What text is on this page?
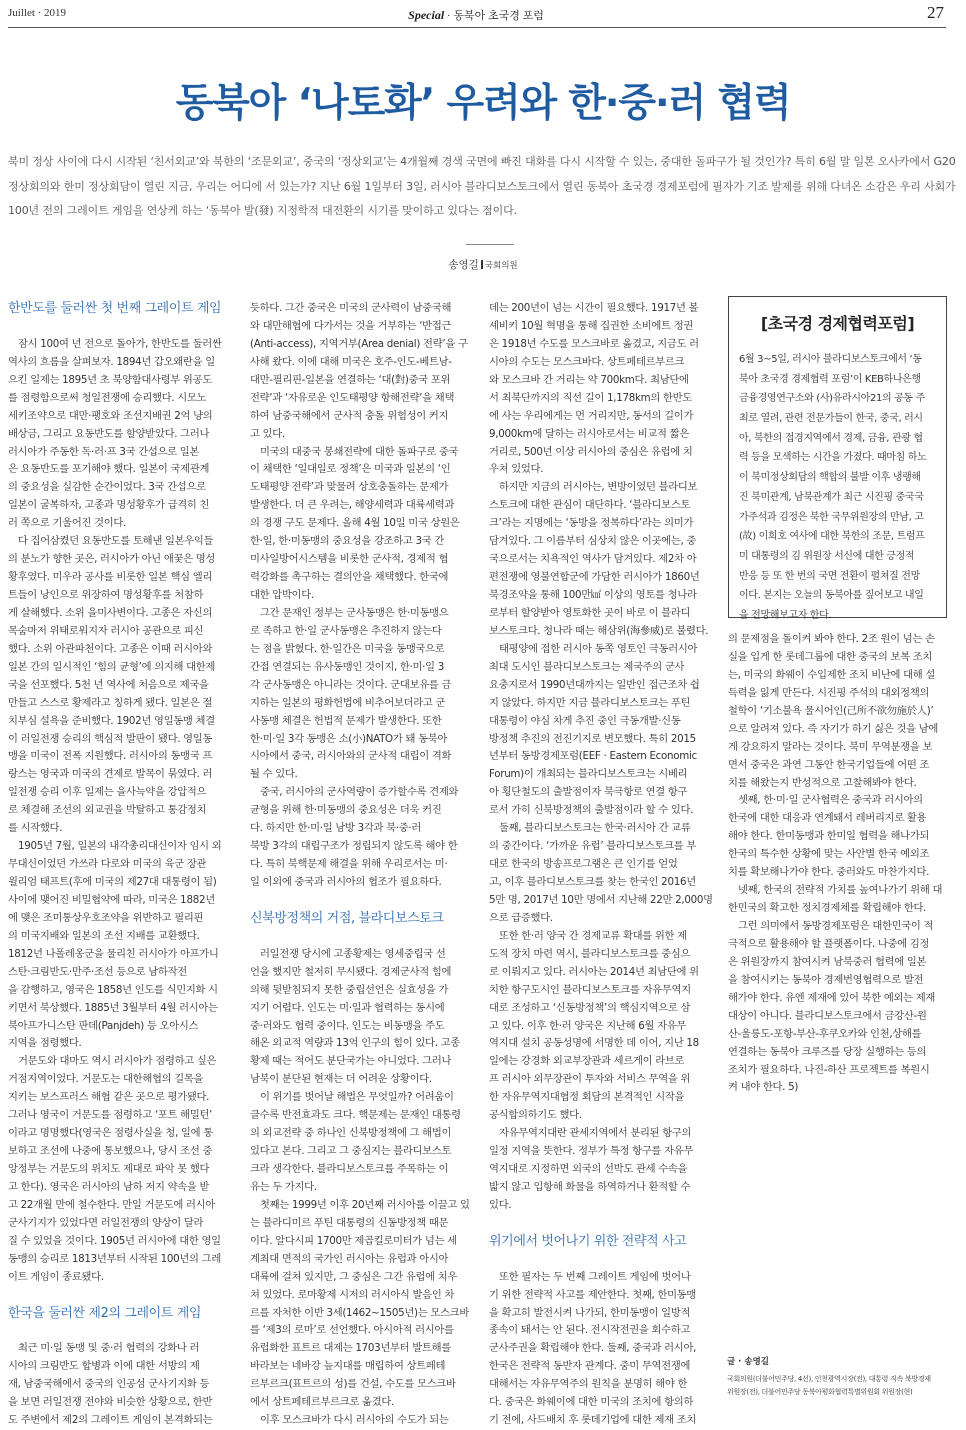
Juillet · 2019	Special · 동북아 초국경 포럼	27
동북아 ‘나토화’ 우려와 한·중·러 협력
북미 정상 사이에 다시 시작된 ‘친서외교’와 북한의 ‘조문외교’, 중국의 ‘정상외교’는 4개월째 경색 국면에 빠진 대화를 다시 시작할 수 있는, 중대한 돌파구가 될 것인가? 특히 6월 말 일본 오사카에서 G20
정상회의와 한미 정상회담이 열린 지금, 우리는 어디에 서 있는가? 지난 6월 1일부터 3일, 러시아 블라디보스토크에서 열린 동북아 초국경 경제포럼에 필자가 기조 발제를 위해 다녀온 소감은 우리 사회가
100년 전의 그레이트 게임을 연상케 하는 ‘동북아 발(發) 지정학적 대전환의 시기를 맞이하고 있다는 점이다.
송영길 국회의원
한반도를 둘러싼 첫 번째 그레이트 게임
잠시 100여 년 전으로 돌아가, 한반도를 둘러싼
역사의 흐름을 살펴보자. 1894년 갑오왜란을 일
으킨 일제는 1895년 초 북양함대사령부 위공도
를 점령함으로써 청일전쟁에 승리했다. 시모노
세키조약으로 대만·팽호와 조선지배권 2억 냥의
배상금, 그리고 요동반도를 할양받았다. 그러나
러시아가 주동한 독·러·프 3국 간섭으로 일본
은 요동반도를 포기해야 했다. 일본이 국제관계
의 중요성을 실감한 순간이었다. 3국 간섭으로
일본이 굴복하자, 고종과 명성황후가 급격히 친
러 쪽으로 기울어진 것이다.
다 집어삼켰던 요동반도를 토해낸 일본우익들
의 분노가 향한 곳은, 러시아가 아닌 애꿎은 명성
황후였다. 미우라 공사를 비롯한 일본 핵심 엘리
트들이 낭인으로 위장하여 명성황후를 처참하
게 살해했다. 소위 을미사변이다. 고종은 자신의
목숨마저 위태로워지자 러시아 공관으로 피신
했다. 소위 아관파천이다. 고종은 이때 러시아와
일본 간의 일시적인 ‘힘의 균형’에 의지해 대한제
국을 선포했다. 5천 년 역사에 처음으로 제국을
만들고 스스로 황제라고 칭하게 됐다. 일본은 절
치부심 설욕을 준비했다. 1902년 영일동맹 체결
이 러일전쟁 승리의 핵심적 발판이 됐다. 영일동
맹을 미국이 전폭 지원했다. 러시아의 동맹국 프
랑스는 영국과 미국의 견제로 발목이 묶였다. 러
일전쟁 승리 이후 일제는 을사늑약을 강압적으
로 체결해 조선의 외교권을 박탈하고 통감정치
를 시작했다.
1905년 7월, 일본의 내각총리대신이자 임시 외
무대신이었던 가쓰라 다로와 미국의 육군 장관
윌리엄 태프트(후에 미국의 제27대 대통령이 됨)
사이에 맺어진 비밀협약에 따라, 미국은 1882년
에 맺은 조미통상우호조약을 위반하고 필리핀
의 미국지배와 일본의 조선 지배를 교환했다.
1812년 나폴레옹군을 물리친 러시아가 아프가니
스탄·크림반도·만주·조선 등으로 남하작전
을 감행하고, 영국은 1858년 인도를 식민지화 시
키면서 북상했다. 1885년 3월부터 4월 러시아는
북아프가니스탄 판데(Panjdeh) 등 오아시스
지역을 점령했다.
거문도와 대마도 역시 러시아가 점령하고 싶은
거점지역이었다. 거문도는 대한해협의 길목을
지키는 보스프러스 해협 같은 곳으로 평가됐다.
그러나 영국이 거문도를 점령하고 ‘포트 해밀턴’
이라고 명명했다(영국은 점령사실을 청, 일에 통
보하고 조선에 나중에 통보했으나, 당시 조선 중
앙정부는 거문도의 위치도 제대로 파악 못 했다
고 한다). 영국은 러시아의 남하 저지 약속을 받
고 22개월 만에 철수한다. 만일 거문도에 러시아
군사기지가 있었다면 러일전쟁의 양상이 달라
질 수 있었을 것이다. 1905년 러시아에 대한 영일
동맹의 승리로 1813년부터 시작된 100년의 그레
이트 게임이 종료됐다.
한국을 둘러싼 제2의 그레이트 게임
최근 미·일 동맹 및 중·러 협력의 강화나 러
시아의 크림반도 합병과 이에 대한 서방의 제
재, 남중국해에서 중국의 인공섬 군사기지화 등
을 보면 러일전쟁 전야와 비슷한 상황으로, 한반
도 주변에서 제2의 그레이트 게임이 본격화되는
듯하다. 그간 중국은 미국의 군사력이 남중국해
와 대만해협에 다가서는 것을 거부하는 ‘반접근
(Anti-access), 지역거부(Area denial) 전략’을 구
사해 왔다. 이에 대해 미국은 호주-인도-베트남-
대만-필리핀-일본을 연결하는 ‘대(對)중국 포위
전략’과 ‘자유로운 인도태평양 항해전략’을 채택
하여 남중국해에서 군사적 충돌 위험성이 커지
고 있다.
미국의 대중국 봉쇄전략에 대한 돌파구로 중국
이 채택한 ‘일대일로 정책’은 미국과 일본의 ‘인
도태평양 전략’과 맞물려 상호충돌하는 문제가
발생한다. 더 큰 우려는, 해양세력과 대륙세력과
의 경쟁 구도 문제다. 올해 4월 10일 미국 상원은
한·일, 한·미동맹의 중요성을 강조하고 3국 간
미사일방어시스템을 비롯한 군사적, 경제적 협
력강화를 촉구하는 결의안을 채택했다. 한국에
대한 압박이다.
그간 문재인 정부는 군사동맹은 한·미동맹으
로 족하고 한·일 군사동맹은 추진하지 않는다
는 점을 밝혔다. 한·일간은 미국을 동맹국으로
간접 연결되는 유사동맹인 것이지, 한·미·일 3
각 군사동맹은 아니라는 것이다. 군대보유를 금
지하는 일본의 평화헌법에 비추어보더라고 군
사동맹 체결은 헌법적 문제가 발생한다. 또한
한·미·일 3각 동맹은 소(小)NATO가 돼 동북아
시아에서 중국, 러시아와의 군사적 대립이 격화
될 수 있다.
중국, 러시아의 군사역량이 증가할수록 견제와
균형을 위해 한·미동맹의 중요성은 더욱 커진
다. 하지만 한·미·일 남방 3각과 북·중·러
북방 3각의 대립구조가 정립되지 않도록 해야 한
다. 특히 북핵문제 해결을 위해 우리로서는 미·
일 이외에 중국과 러시아의 협조가 필요하다.
신북방정책의 거점, 블라디보스토크
러일전쟁 당시에 고종황제는 영세중립국 선
언을 했지만 철저히 무시됐다. 경제군사적 힘에
의해 뒷받침되지 못한 중립선언은 실효성을 가
지기 어렵다. 인도는 미·일과 협력하는 동시에
중·러와도 협력 중이다. 인도는 비동맹을 주도
해온 외교적 역량과 13억 인구의 힘이 있다. 고종
황제 때는 적어도 분단국가는 아니었다. 그러나
남북이 분단된 현재는 더 어려운 상황이다.
이 위기를 벗어날 해법은 무엇일까? 어려움이
클수록 반전효과도 크다. 핵문제는 문재인 대통령
의 외교전략 중 하나인 신북방정책에 그 해법이
있다고 본다. 그리고 그 중심지는 블라디보스토
크라 생각한다. 블라디보스토크를 주목하는 이
유는 두 가지다.
첫째는 1999년 이후 20년째 러시아를 이끌고 있
는 블라디미르 푸틴 대통령의 신동방정책 때문
이다. 알다시피 1700만 제곱킬로미터가 넘는 세
계최대 면적의 국가인 러시아는 유럽과 아시아
대륙에 걸쳐 있지만, 그 중심은 그간 유럽에 치우
쳐 있었다. 로마황제 시저의 러시아식 발음인 차
르를 자처한 이반 3세(1462~1505년)는 모스크바
를 ‘제3의 로마’로 선언했다. 아시아적 러시아를
유럽화한 표트르 대제는 1703년부터 발트해를
바라보는 네바강 늪지대를 매립하여 상트페테
르부르크(표트르의 성)를 건설, 수도를 모스크바
에서 상트페테르부르크로 옮겼다.
이후 모스크바가 다시 러시아의 수도가 되는
데는 200년이 넘는 시간이 필요했다. 1917년 볼
셰비키 10월 혁명을 통해 집권한 소비에트 정권
은 1918년 수도를 모스크바로 옮겼고, 지금도 러
시아의 수도는 모스크바다. 상트페테르부르크
와 모스크바 간 거리는 약 700km다. 최남단에
서 최북단까지의 직선 길이 1,178km의 한반도
에 사는 우리에게는 먼 거리지만, 동서의 길이가
9,000km에 달하는 러시아로서는 비교적 짧은
거리로, 500년 이상 러시아의 중심은 유럽에 치
우쳐 있었다.
하지만 지금의 러시아는, 변방이었던 블라디보
스토크에 대한 관심이 대단하다. ‘블라디보스토
크’라는 지명에는 ‘동방을 정복하다’라는 의미가
담겨있다. 그 이름부터 심상치 않은 이곳에는, 중
국으로서는 치욕적인 역사가 담겨있다. 제2차 아
편전쟁에 영불연합군에 가담한 러시아가 1860년
북경조약을 통해 100만㎢ 이상의 영토를 청나라
로부터 할양받아 영토화한 곳이 바로 이 블라디
보스토크다. 청나라 때는 해삼위(海參威)로 불렸다.
태평양에 접한 러시아 동쪽 영토인 극동러시아
최대 도시인 블라디보스토크는 제국주의 군사
요충지로서 1990년대까지는 일반인 접근조차 쉽
지 않았다. 하지만 지금 블라디보스토크는 푸틴
대통령이 야심 차게 추진 중인 극동개발·신동
방정책 추진의 전진기지로 변모했다. 특히 2015
년부터 동방경제포럼(EEF · Eastern Economic
Forum)이 개최되는 블라디보스토크는 시베리
아 횡단철도의 출발점이자 북극항로 연결 항구
로서 가히 신북방정책의 출발점이라 할 수 있다.
둘째, 블라디보스토크는 한국·러시아 간 교류
의 중간이다. ‘가까운 유럽’ 블라디보스토크를 부
대로 한국의 방송프로그램은 큰 인기를 얻었
고, 이후 블라디보스토크를 찾는 한국인 2016년
5만 명, 2017년 10만 명에서 지난해 22만 2,000명
으로 급증했다.
또한 한·러 양국 간 경제교류 확대를 위한 제
도적 장치 마련 역시, 블라디보스토크를 중심으
로 이뤄지고 있다. 러시아는 2014년 최남단에 위
치한 항구도시인 블라디보스토크를 자유무역지
대로 조성하고 ‘신동방정책’의 핵심지역으로 삼
고 있다. 이후 한·러 양국은 지난해 6월 자유무
역지대 설치 공동성명에 서명한 데 이어, 지난 18
일에는 강경화 외교부장관과 세르게이 라브로
프 러시아 외무장관이 투자와 서비스 무역을 위
한 자유무역지대협정 회담의 본격적인 시작을
공식합의하기도 했다.
자유무역지대란 관세지역에서 분리된 항구의
일정 지역을 뜻한다. 정부가 특정 항구를 자유무
역지대로 지정하면 외국의 선박도 관세 수속을
밟지 않고 입항해 화물을 하역하거나 환적할 수
있다.
위기에서 벗어나기 위한 전략적 사고
또한 필자는 두 번째 그레이트 게임에 벗어나
기 위한 전략적 사고를 제안한다. 첫째, 한미동맹
을 확고히 발전시켜 나가되, 한미동맹이 일방적
종속이 돼서는 안 된다. 전시작전권을 회수하고
군사주권을 확립해야 한다. 둘째, 중국과 러시아,
한국은 전략적 동반자 관계다. 중미 무역전쟁에
대해서는 자유무역주의 원칙을 분명히 해야 한
다. 중국은 화웨이에 대한 미국의 조치에 항의하
기 전에, 사드배치 후 롯데기업에 대한 제재 조치
[초국경 경제협력포럼]
6월 3~5일, 러시아 블라디보스토크에서 ‘동
북아 초국경 경제협력 포럼’이 KEB하나은행
금융경영연구소와 (사)유라시아21의 공동 주
최로 열려, 관련 전문가들이 한국, 중국, 러시
아, 북한의 접경지역에서 경제, 금융, 관광 협
력 등을 모색하는 시간을 가졌다. 때마침 하노
이 북미정상회담의 핵합의 불발 이후 냉랭해
진 북미관계, 남북관계가 최근 시진핑 중국국
가주석과 김정은 북한 국무위원장의 만남, 고
(故) 이희호 여사에 대한 북한의 조문, 트럼프
미 대통령의 김 위원장 서신에 대한 긍정적
반응 등 또 한 번의 국면 전환이 펼쳐질 전망
이다. 본지는 오늘의 동북아를 짚어보고 내일
을 전망해보고자 한다.
의 문제점을 돌이켜 봐야 한다. 2조 원이 넘는 손
실을 입게 한 롯데그룹에 대한 중국의 보복 조치
는, 미국의 화웨이 수입제한 조치 비난에 대해 설
득력을 잃게 만든다. 시진핑 주석의 대외정책의
철학이 ‘기소불욕 물시어인(己所不欲勿施於人)’
으로 알려져 있다. 즉 자기가 하기 싫은 것을 남에
게 강요하지 말라는 것이다. 북미 무역분쟁을 보
면서 중국은 과연 그동안 한국기업들에 어떤 조
치를 해왔는지 반성적으로 고찰해봐야 한다.
셋째, 한·미·일 군사협력은 중국과 러시아의
한국에 대한 대응과 연계돼서 레버리지로 활용
해야 한다. 한미동맹과 한미일 협력을 해나가되
한국의 특수한 상황에 맞는 사안별 한국 예외조
치를 확보해나가야 한다. 중러와도 마찬가지다.
넷째, 한국의 전략적 가치를 높여나가기 위해 대
한민국의 확고한 정치경제체를 확립해야 한다.
그런 의미에서 동방경제포럼은 대한민국이 적
극적으로 활용해야 할 플랫폼이다. 나중에 김정
은 위원장까지 참여시켜 남북중러 협력에 일본
을 참여시키는 동북아 경제번영협력으로 발전
해가야 한다. 유엔 제재에 있어 북한 예외는 제재
대상이 아니다. 블라디보스토크에서 금강산-원
산-울릉도-포항-부산-후쿠오카와 인천,상해를
연결하는 동북아 크루즈를 당장 실행하는 등의
조치가 필요하다. 나진-하산 프로젝트를 복원시
켜 내야 한다. 5)
글 · 송영길
국회의원(더불어민주당, 4선), 인천광역시장(전), 대통령 직속 북방경제
위원장(전), 더불어민주당 동북아평화협력특별위원회 위원장(현)
